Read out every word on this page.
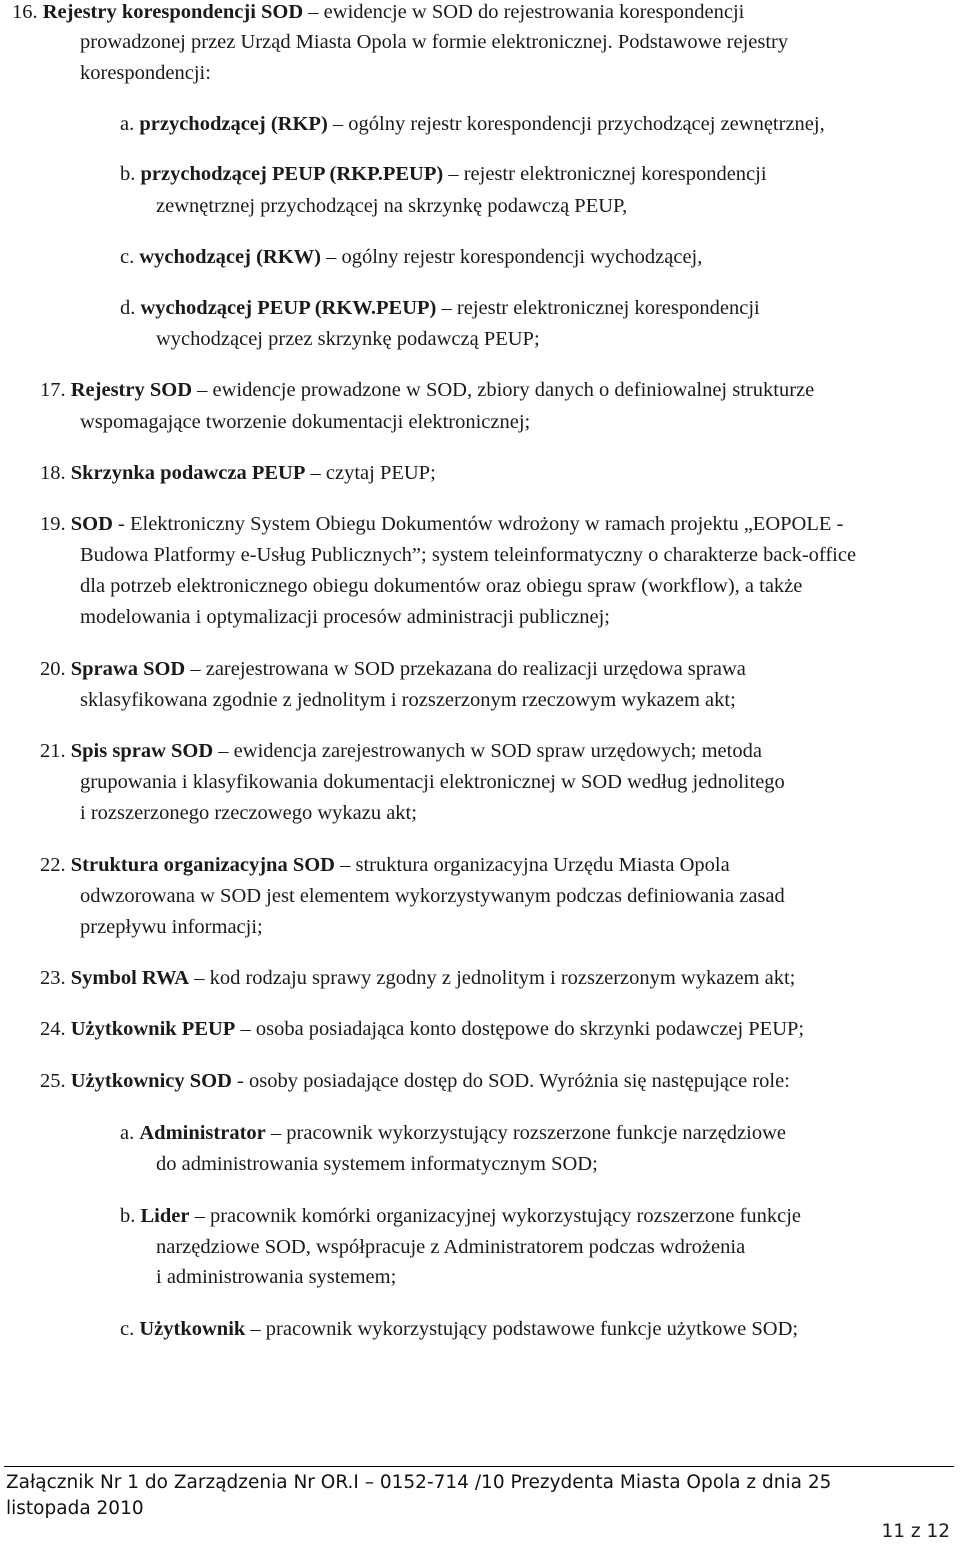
16. Rejestry korespondencji SOD – ewidencje w SOD do rejestrowania korespondencji
prowadzonej przez Urząd Miasta Opola w formie elektronicznej. Podstawowe rejestry
korespondencji:
a. przychodzącej (RKP) – ogólny rejestr korespondencji przychodzącej zewnętrznej,
b. przychodzącej PEUP (RKP.PEUP) – rejestr elektronicznej korespondencji
zewnętrznej przychodzącej na skrzynkę podawczą PEUP,
c. wychodzącej (RKW) – ogólny rejestr korespondencji wychodzącej,
d. wychodzącej PEUP (RKW.PEUP) – rejestr elektronicznej korespondencji
wychodzącej przez skrzynkę podawczą PEUP;
17. Rejestry SOD – ewidencje prowadzone w SOD, zbiory danych o definiowalnej strukturze
wspomagające tworzenie dokumentacji elektronicznej;
18. Skrzynka podawcza PEUP – czytaj PEUP;
19. SOD - Elektroniczny System Obiegu Dokumentów wdrożony w ramach projektu „EOPOLE -
Budowa Platformy e-Usług Publicznych”; system teleinformatyczny o charakterze back-office
dla potrzeb elektronicznego obiegu dokumentów oraz obiegu spraw (workflow), a także
modelowania i optymalizacji procesów administracji publicznej;
20. Sprawa SOD – zarejestrowana w SOD przekazana do realizacji urzędowa sprawa
sklasyfikowana zgodnie z jednolitym i rozszerzonym rzeczowym wykazem akt;
21. Spis spraw SOD – ewidencja zarejestrowanych w SOD spraw urzędowych; metoda
grupowania i klasyfikowania dokumentacji elektronicznej w SOD według jednolitego
i rozszerzonego rzeczowego wykazu akt;
22. Struktura organizacyjna SOD – struktura organizacyjna Urzędu Miasta Opola
odwzorowana w SOD jest elementem wykorzystywanym podczas definiowania zasad
przepływu informacji;
23. Symbol RWA – kod rodzaju sprawy zgodny z jednolitym i rozszerzonym wykazem akt;
24. Użytkownik PEUP – osoba posiadająca konto dostępowe do skrzynki podawczej PEUP;
25. Użytkownicy SOD - osoby posiadające dostęp do SOD. Wyróżnia się następujące role:
a. Administrator – pracownik wykorzystujący rozszerzone funkcje narzędziowe
do administrowania systemem informatycznym SOD;
b. Lider – pracownik komórki organizacyjnej wykorzystujący rozszerzone funkcje
narzędziowe SOD, współpracuje z Administratorem podczas wdrożenia
i administrowania systemem;
c. Użytkownik – pracownik wykorzystujący podstawowe funkcje użytkowe SOD;
Załącznik Nr 1 do Zarządzenia Nr OR.I – 0152-714 /10 Prezydenta Miasta Opola z dnia 25
listopada 2010
11 z 12
